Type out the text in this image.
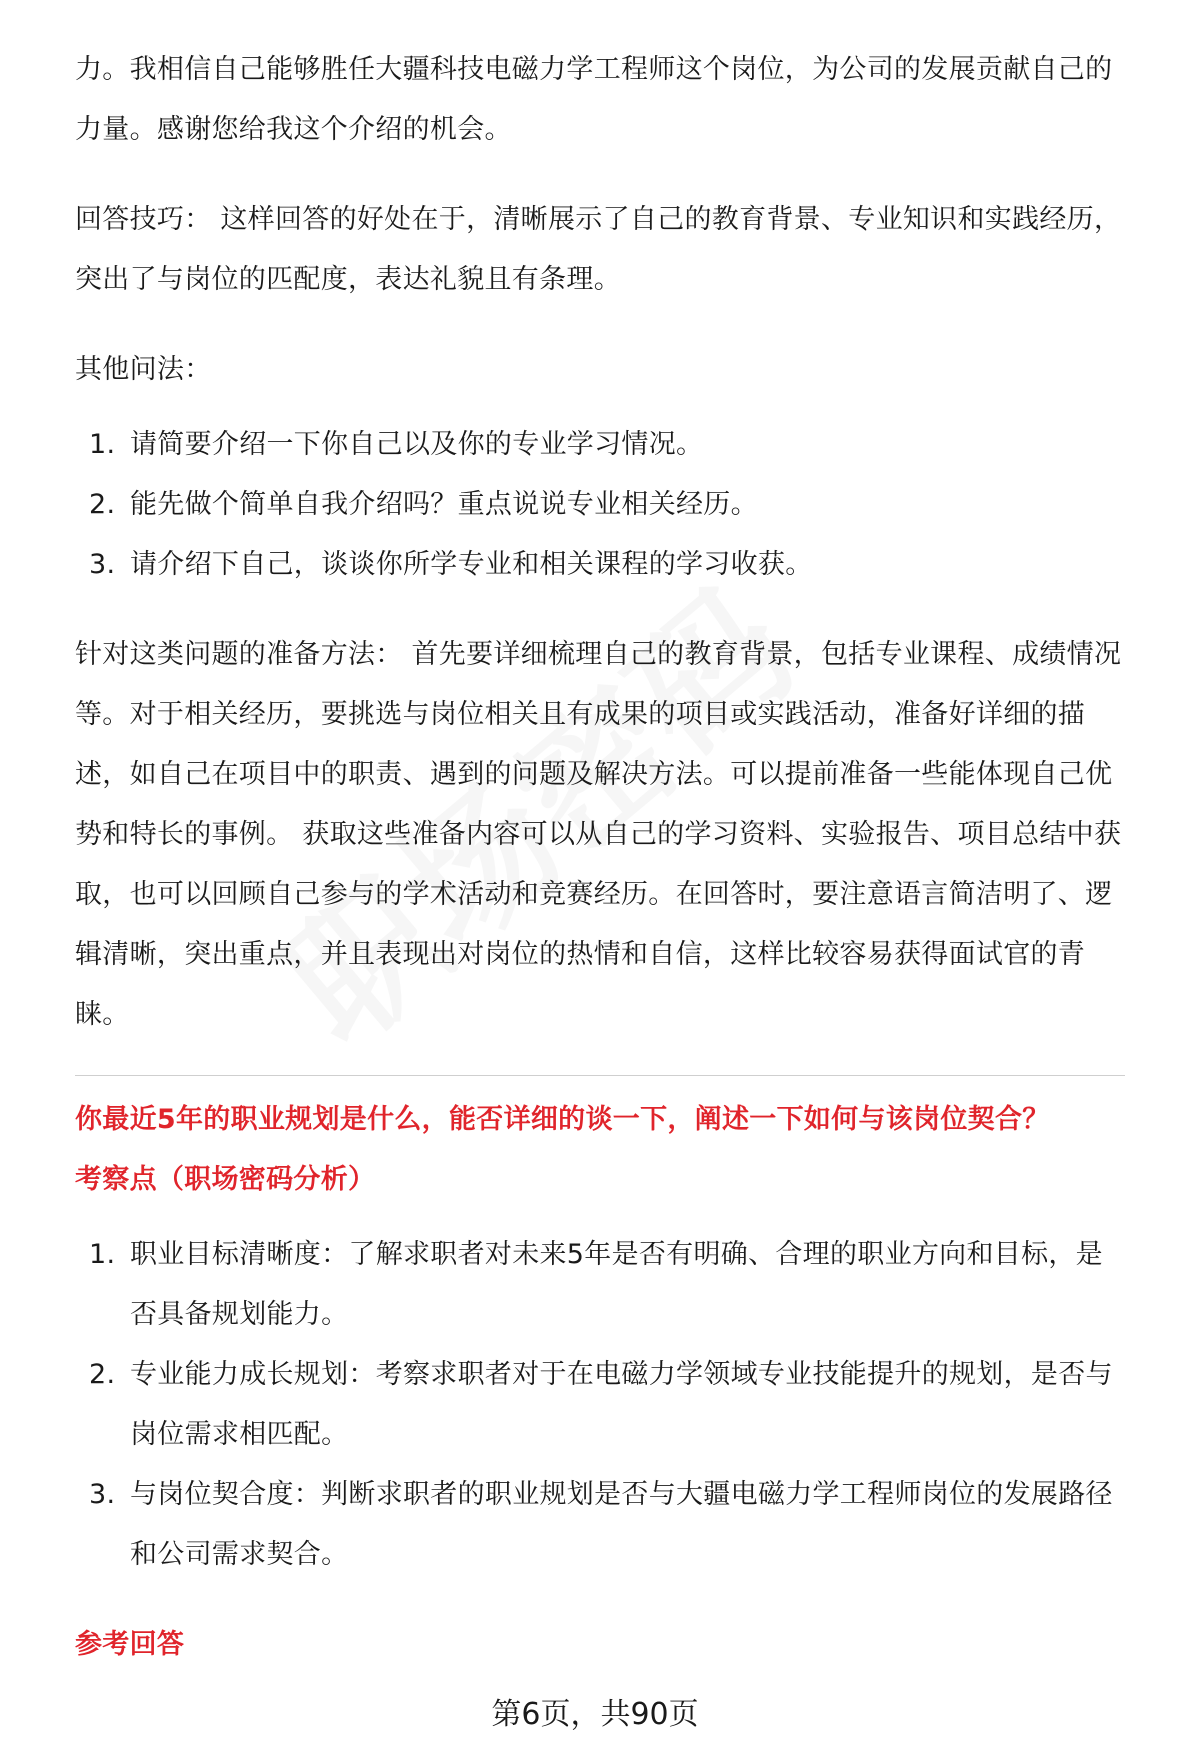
力。我相信自己能够胜任大疆科技电磁力学工程师这个岗位，为公司的发展贡献自己的力量。感谢您给我这个介绍的机会。

回答技巧： 这样回答的好处在于，清晰展示了自己的教育背景、专业知识和实践经历，突出了与岗位的匹配度，表达礼貌且有条理。

其他问法：

1. 请简要介绍一下你自己以及你的专业学习情况。
2. 能先做个简单自我介绍吗？重点说说专业相关经历。
3. 请介绍下自己，谈谈你所学专业和相关课程的学习收获。

针对这类问题的准备方法： 首先要详细梳理自己的教育背景，包括专业课程、成绩情况等。对于相关经历，要挑选与岗位相关且有成果的项目或实践活动，准备好详细的描述，如自己在项目中的职责、遇到的问题及解决方法。可以提前准备一些能体现自己优势和特长的事例。 获取这些准备内容可以从自己的学习资料、实验报告、项目总结中获取，也可以回顾自己参与的学术活动和竞赛经历。在回答时，要注意语言简洁明了、逻辑清晰，突出重点，并且表现出对岗位的热情和自信，这样比较容易获得面试官的青睐。

你最近5年的职业规划是什么，能否详细的谈一下，阐述一下如何与该岗位契合？

考察点（职场密码分析）

1. 职业目标清晰度：了解求职者对未来5年是否有明确、合理的职业方向和目标，是否具备规划能力。
2. 专业能力成长规划：考察求职者对于在电磁力学领域专业技能提升的规划，是否与岗位需求相匹配。
3. 与岗位契合度：判断求职者的职业规划是否与大疆电磁力学工程师岗位的发展路径和公司需求契合。

参考回答

第6页，共90页
